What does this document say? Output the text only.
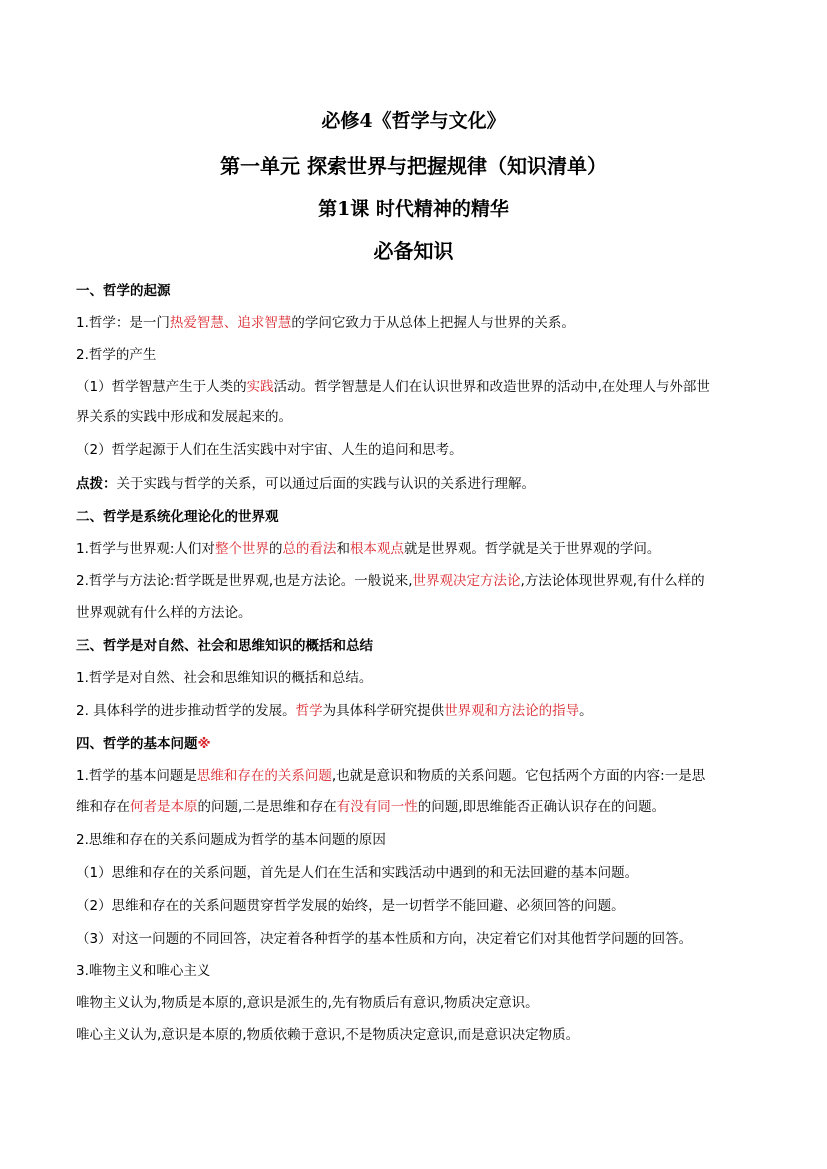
必修4《哲学与文化》
第一单元 探索世界与把握规律（知识清单）
第1课 时代精神的精华
必备知识
一、哲学的起源
1.哲学：是一门热爱智慧、追求智慧的学问它致力于从总体上把握人与世界的关系。
2.哲学的产生
（1）哲学智慧产生于人类的实践活动。哲学智慧是人们在认识世界和改造世界的活动中,在处理人与外部世
界关系的实践中形成和发展起来的。
（2）哲学起源于人们在生活实践中对宇宙、人生的追问和思考。
点拨：关于实践与哲学的关系，可以通过后面的实践与认识的关系进行理解。
二、哲学是系统化理论化的世界观
1.哲学与世界观:人们对整个世界的总的看法和根本观点就是世界观。哲学就是关于世界观的学问。
2.哲学与方法论:哲学既是世界观,也是方法论。一般说来,世界观决定方法论,方法论体现世界观,有什么样的
世界观就有什么样的方法论。
三、哲学是对自然、社会和思维知识的概括和总结
1.哲学是对自然、社会和思维知识的概括和总结。
2. 具体科学的进步推动哲学的发展。哲学为具体科学研究提供世界观和方法论的指导。
四、哲学的基本问题※
1.哲学的基本问题是思维和存在的关系问题,也就是意识和物质的关系问题。它包括两个方面的内容:一是思
维和存在何者是本原的问题,二是思维和存在有没有同一性的问题,即思维能否正确认识存在的问题。
2.思维和存在的关系问题成为哲学的基本问题的原因
（1）思维和存在的关系问题，首先是人们在生活和实践活动中遇到的和无法回避的基本问题。
（2）思维和存在的关系问题贯穿哲学发展的始终，是一切哲学不能回避、必须回答的问题。
（3）对这一问题的不同回答，决定着各种哲学的基本性质和方向，决定着它们对其他哲学问题的回答。
3.唯物主义和唯心主义
唯物主义认为,物质是本原的,意识是派生的,先有物质后有意识,物质决定意识。
唯心主义认为,意识是本原的,物质依赖于意识,不是物质决定意识,而是意识决定物质。
